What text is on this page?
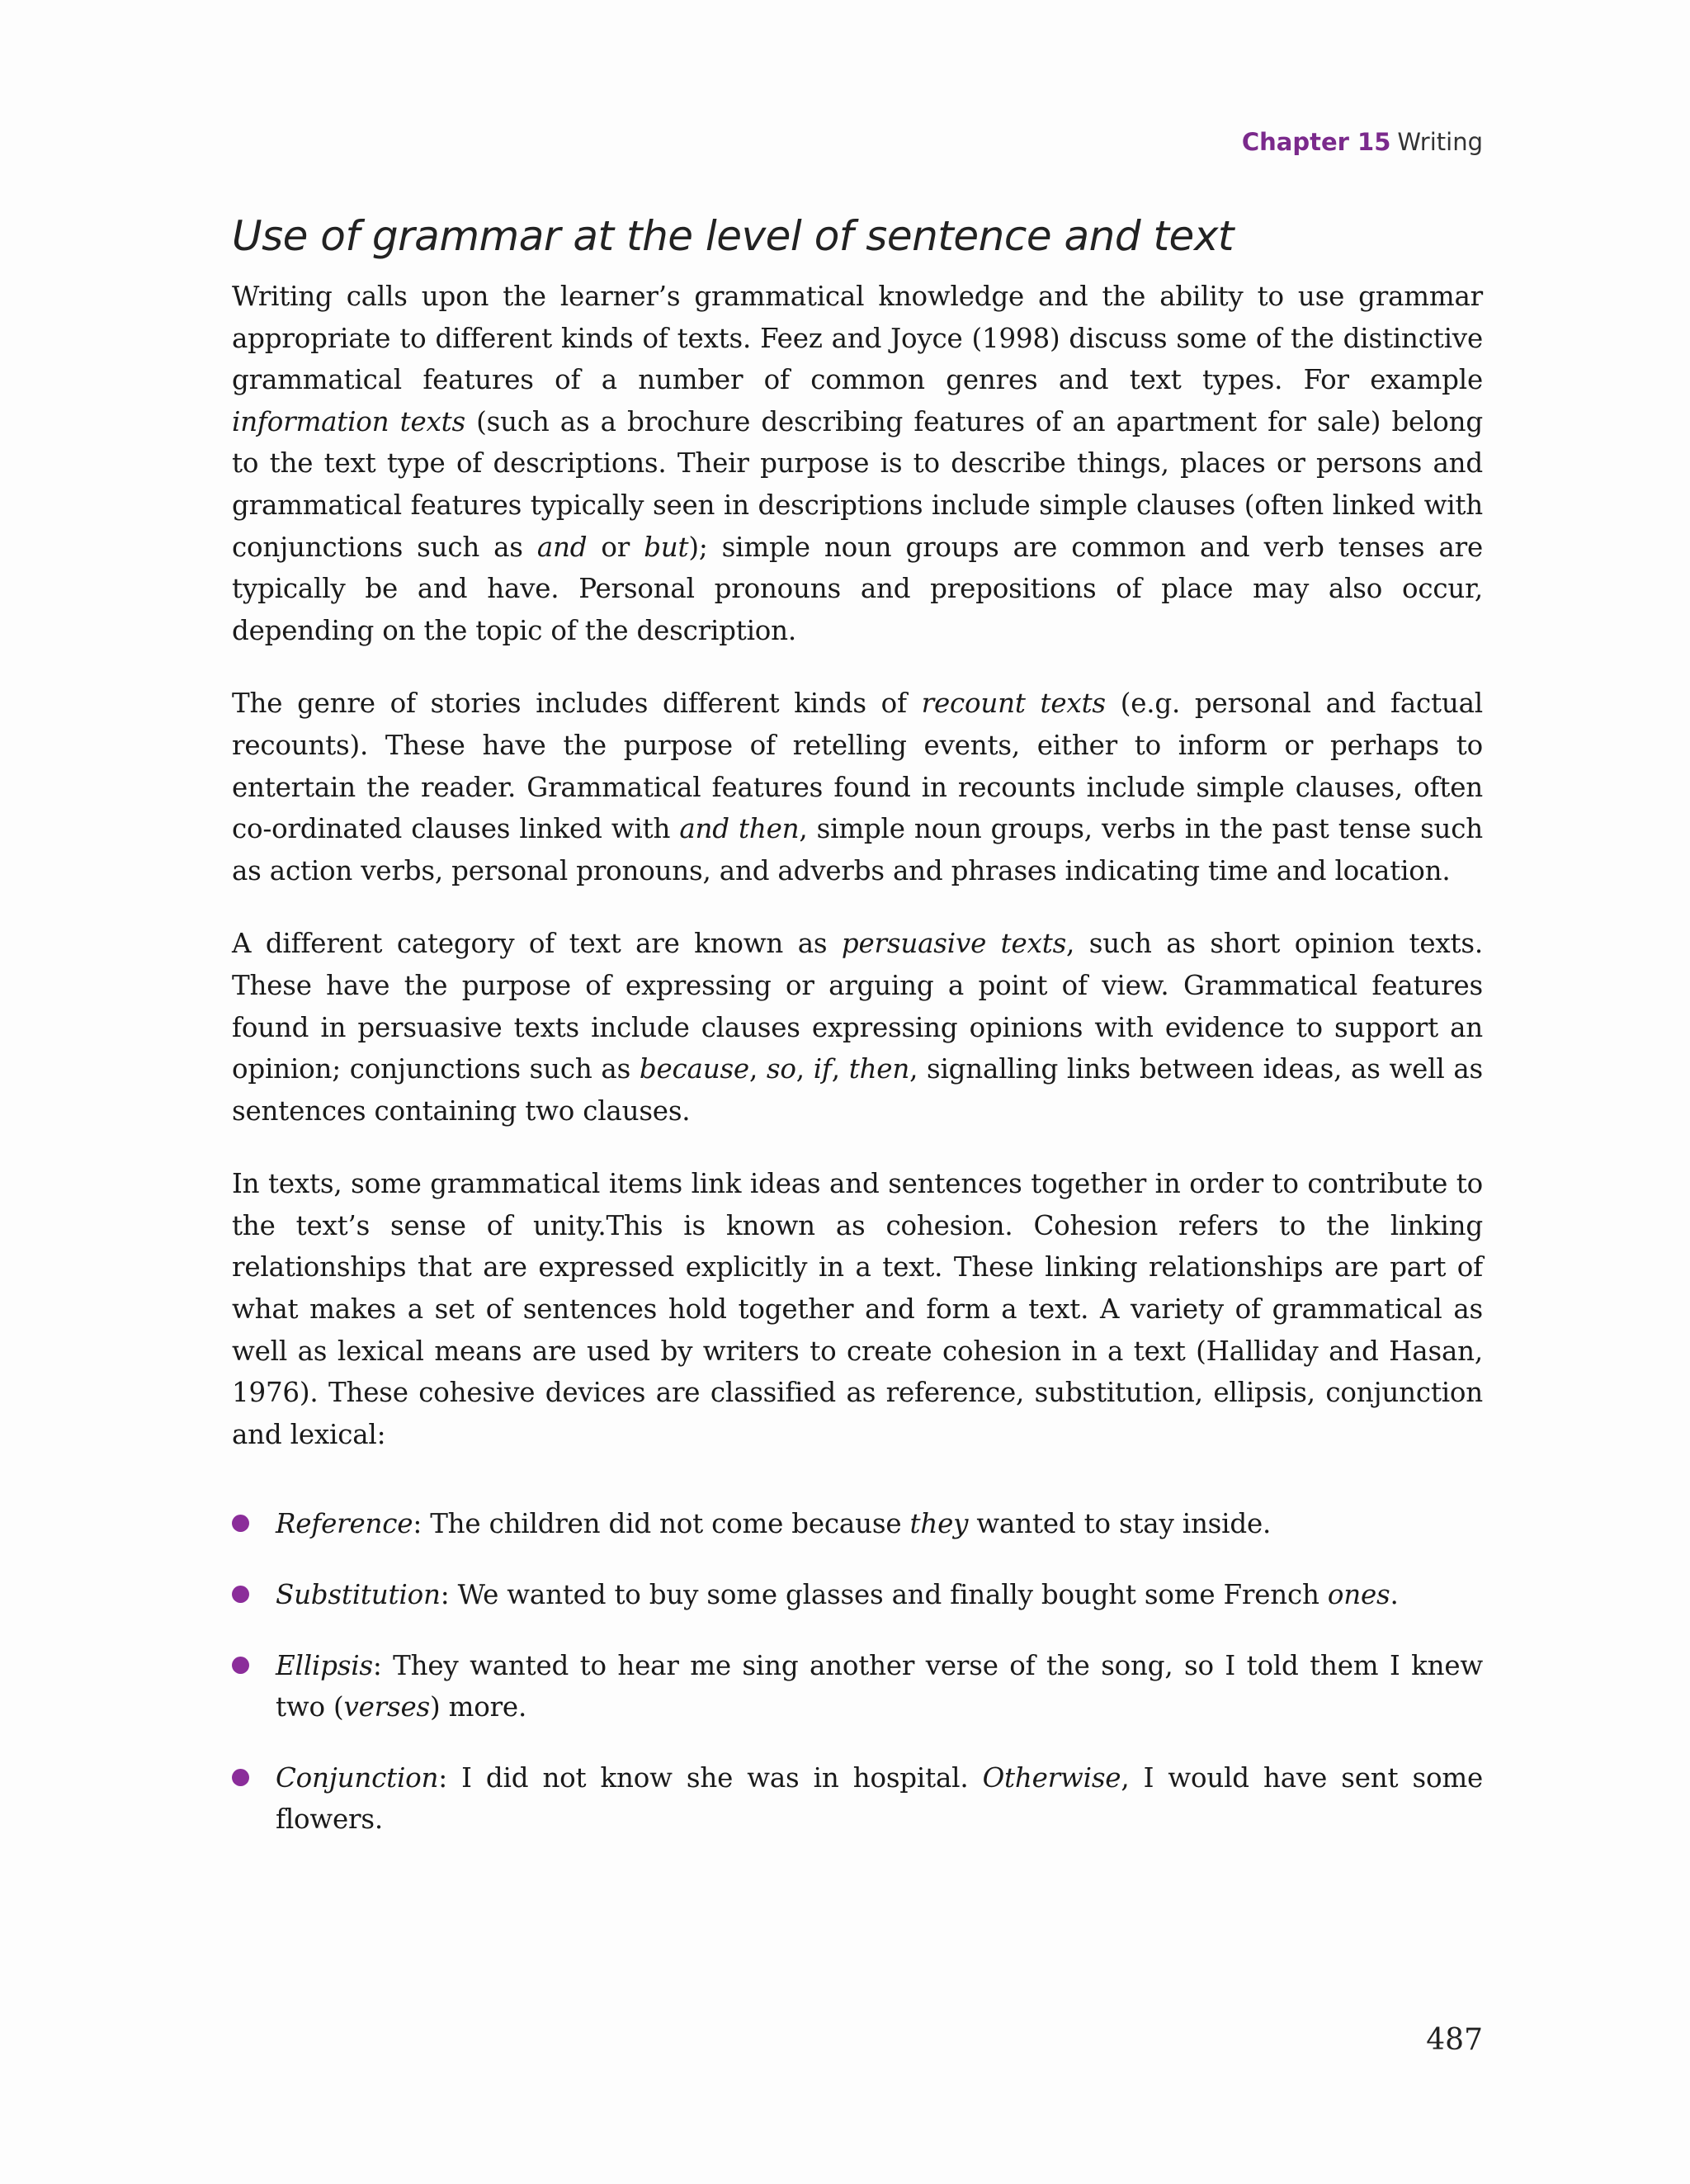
Chapter 15 Writing
Use of grammar at the level of sentence and text

Writing calls upon the learner’s grammatical knowledge and the ability to use grammar appropriate to different kinds of texts. Feez and Joyce (1998) discuss some of the distinctive grammatical features of a number of common genres and text types. For example information texts (such as a brochure describing features of an apartment for sale) belong to the text type of descriptions. Their purpose is to describe things, places or persons and grammatical features typically seen in descriptions include simple clauses (often linked with conjunctions such as and or but); simple noun groups are common and verb tenses are typically be and have. Personal pronouns and prepositions of place may also occur, depending on the topic of the description.

The genre of stories includes different kinds of recount texts (e.g. personal and factual recounts). These have the purpose of retelling events, either to inform or perhaps to entertain the reader. Grammatical features found in recounts include simple clauses, often co-ordinated clauses linked with and then, simple noun groups, verbs in the past tense such as action verbs, personal pronouns, and adverbs and phrases indicating time and location.

A different category of text are known as persuasive texts, such as short opinion texts. These have the purpose of expressing or arguing a point of view. Grammatical features found in persuasive texts include clauses expressing opinions with evidence to support an opinion; conjunctions such as because, so, if, then, signalling links between ideas, as well as sentences containing two clauses.

In texts, some grammatical items link ideas and sentences together in order to contribute to the text’s sense of unity.This is known as cohesion. Cohesion refers to the linking relationships that are expressed explicitly in a text. These linking relationships are part of what makes a set of sentences hold together and form a text. A variety of grammatical as well as lexical means are used by writers to create cohesion in a text (Halliday and Hasan, 1976). These cohesive devices are classified as reference, substitution, ellipsis, conjunction and lexical:

Reference: The children did not come because they wanted to stay inside.
Substitution: We wanted to buy some glasses and finally bought some French ones.
Ellipsis: They wanted to hear me sing another verse of the song, so I told them I knew two (verses) more.
Conjunction: I did not know she was in hospital. Otherwise, I would have sent some flowers.
487
